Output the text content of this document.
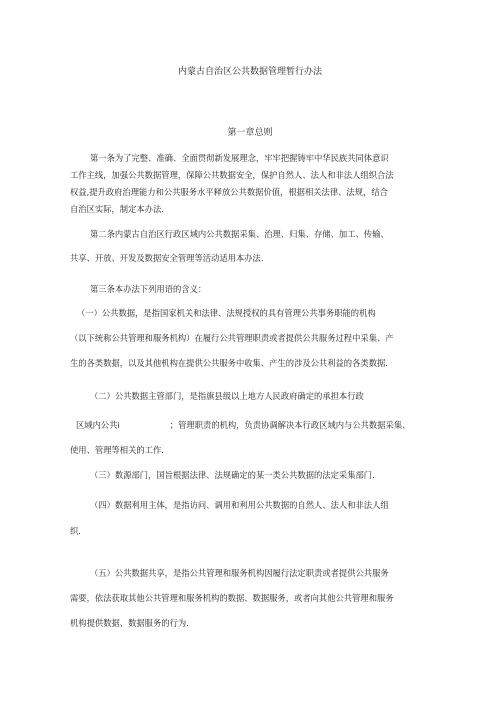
内蒙古自治区公共数据管理暂行办法
第一章总则
第一条为了完整、准确、全面贯彻新发展理念，牢牢把握铸牢中华民族共同体意识
工作主线，加强公共数据管理，保障公共数据安全，保护自然人、法人和非法人组织合法
权益,提升政府治理能力和公共服务水平释放公共数据价值，根据相关法律、法规，结合
自治区实际，制定本办法.
第二条内蒙古自治区行政区域内公共数据采集、治理、归集、存储、加工、传输、
共享、开放、开发及数据安全管理等活动适用本办法.
第三条本办法下列用语的含义：
（一）公共数据，是指国家机关和法律、法规授权的具有管理公共事务职能的机构
（以下统称公共管理和服务机构）在履行公共管理职责或者提供公共服务过程中采集、产
生的各类数据，以及其他机构在提供公共服务中收集、产生的涉及公共利益的各类数据.
（二）公共数据主管部门，是指旗县级以上地方人民政府确定的承担本行政
区域内公共i	；管理职责的机构，负责协调解决本行政区域内与公共数据采集、
使用、管理等相关的工作.
（三）数源部门，国旨根据法律、法规确定的某一类公共数据的法定采集部门.
（四）数据利用主体，是指访问、调用和利用公共数据的自然人、法人和非法人组
织.
（五）公共数据共享，是指公共管理和服务机构因履行法定职责或者提供公共服务
需要，依法获取其他公共管理和服务机构的数据、数据服务，或者向其他公共管理和服务
机构提供数据、数据服务的行为.
